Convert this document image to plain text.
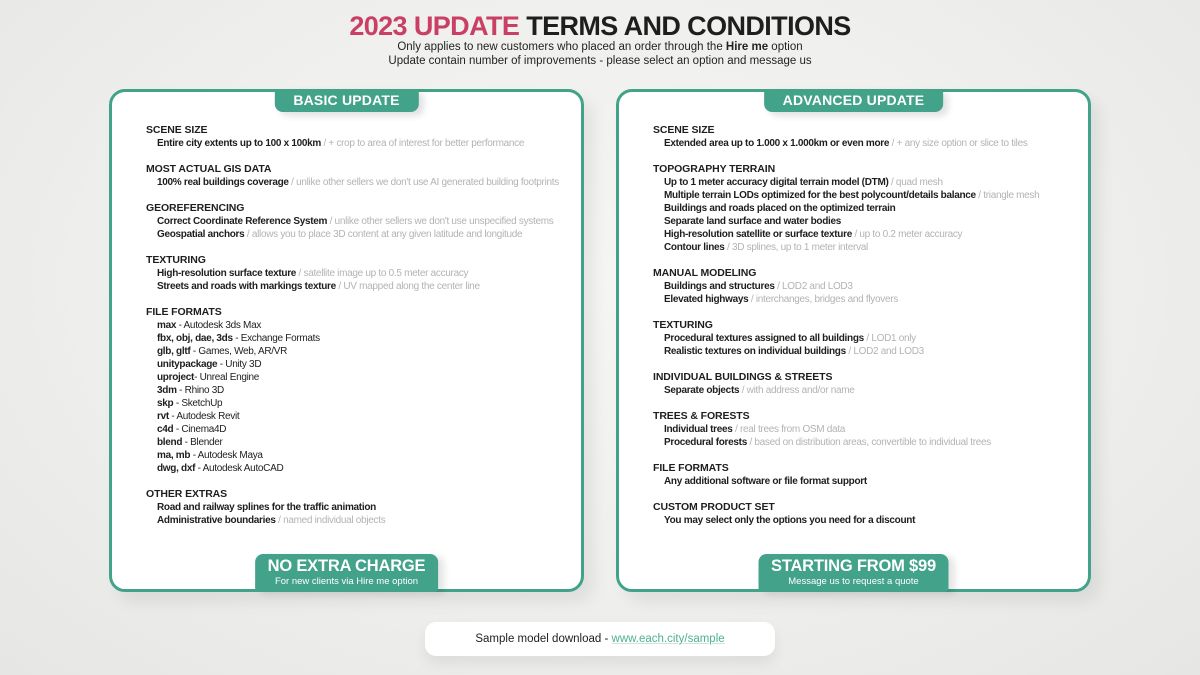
2023 UPDATE TERMS AND CONDITIONS

Only applies to new customers who placed an order through the Hire me option

Update contain number of improvements - please select an option and message us

BASIC UPDATE
SCENE SIZE
Entire city extents up to 100 x 100km / + crop to area of interest for better performance
MOST ACTUAL GIS DATA
100% real buildings coverage / unlike other sellers we don't use AI generated building footprints
GEOREFERENCING
Correct Coordinate Reference System / unlike other sellers we don't use unspecified systems
Geospatial anchors / allows you to place 3D content at any given latitude and longitude
TEXTURING
High-resolution surface texture / satellite image up to 0.5 meter accuracy
Streets and roads with markings texture / UV mapped along the center line
FILE FORMATS
max - Autodesk 3ds Max
fbx, obj, dae, 3ds - Exchange Formats
glb, gltf - Games, Web, AR/VR
unitypackage - Unity 3D
uproject- Unreal Engine
3dm - Rhino 3D
skp - SketchUp
rvt - Autodesk Revit
c4d - Cinema4D
blend - Blender
ma, mb - Autodesk Maya
dwg, dxf - Autodesk AutoCAD
OTHER EXTRAS
Road and railway splines for the traffic animation
Administrative boundaries / named individual objects
NO EXTRA CHARGE
For new clients via Hire me option
ADVANCED UPDATE
SCENE SIZE
Extended area up to 1.000 x 1.000km or even more / + any size option or slice to tiles
TOPOGRAPHY TERRAIN
Up to 1 meter accuracy digital terrain model (DTM) / quad mesh
Multiple terrain LODs optimized for the best polycount/details balance / triangle mesh
Buildings and roads placed on the optimized terrain
Separate land surface and water bodies
High-resolution satellite or surface texture / up to 0.2 meter accuracy
Contour lines / 3D splines, up to 1 meter interval
MANUAL MODELING
Buildings and structures / LOD2 and LOD3
Elevated highways / interchanges, bridges and flyovers
TEXTURING
Procedural textures assigned to all buildings / LOD1 only
Realistic textures on individual buildings / LOD2 and LOD3
INDIVIDUAL BUILDINGS & STREETS
Separate objects / with address and/or name
TREES & FORESTS
Individual trees / real trees from OSM data
Procedural forests / based on distribution areas, convertible to individual trees
FILE FORMATS
Any additional software or file format support
CUSTOM PRODUCT SET
You may select only the options you need for a discount
STARTING FROM $99
Message us to request a quote
Sample model download - www.each.city/sample
